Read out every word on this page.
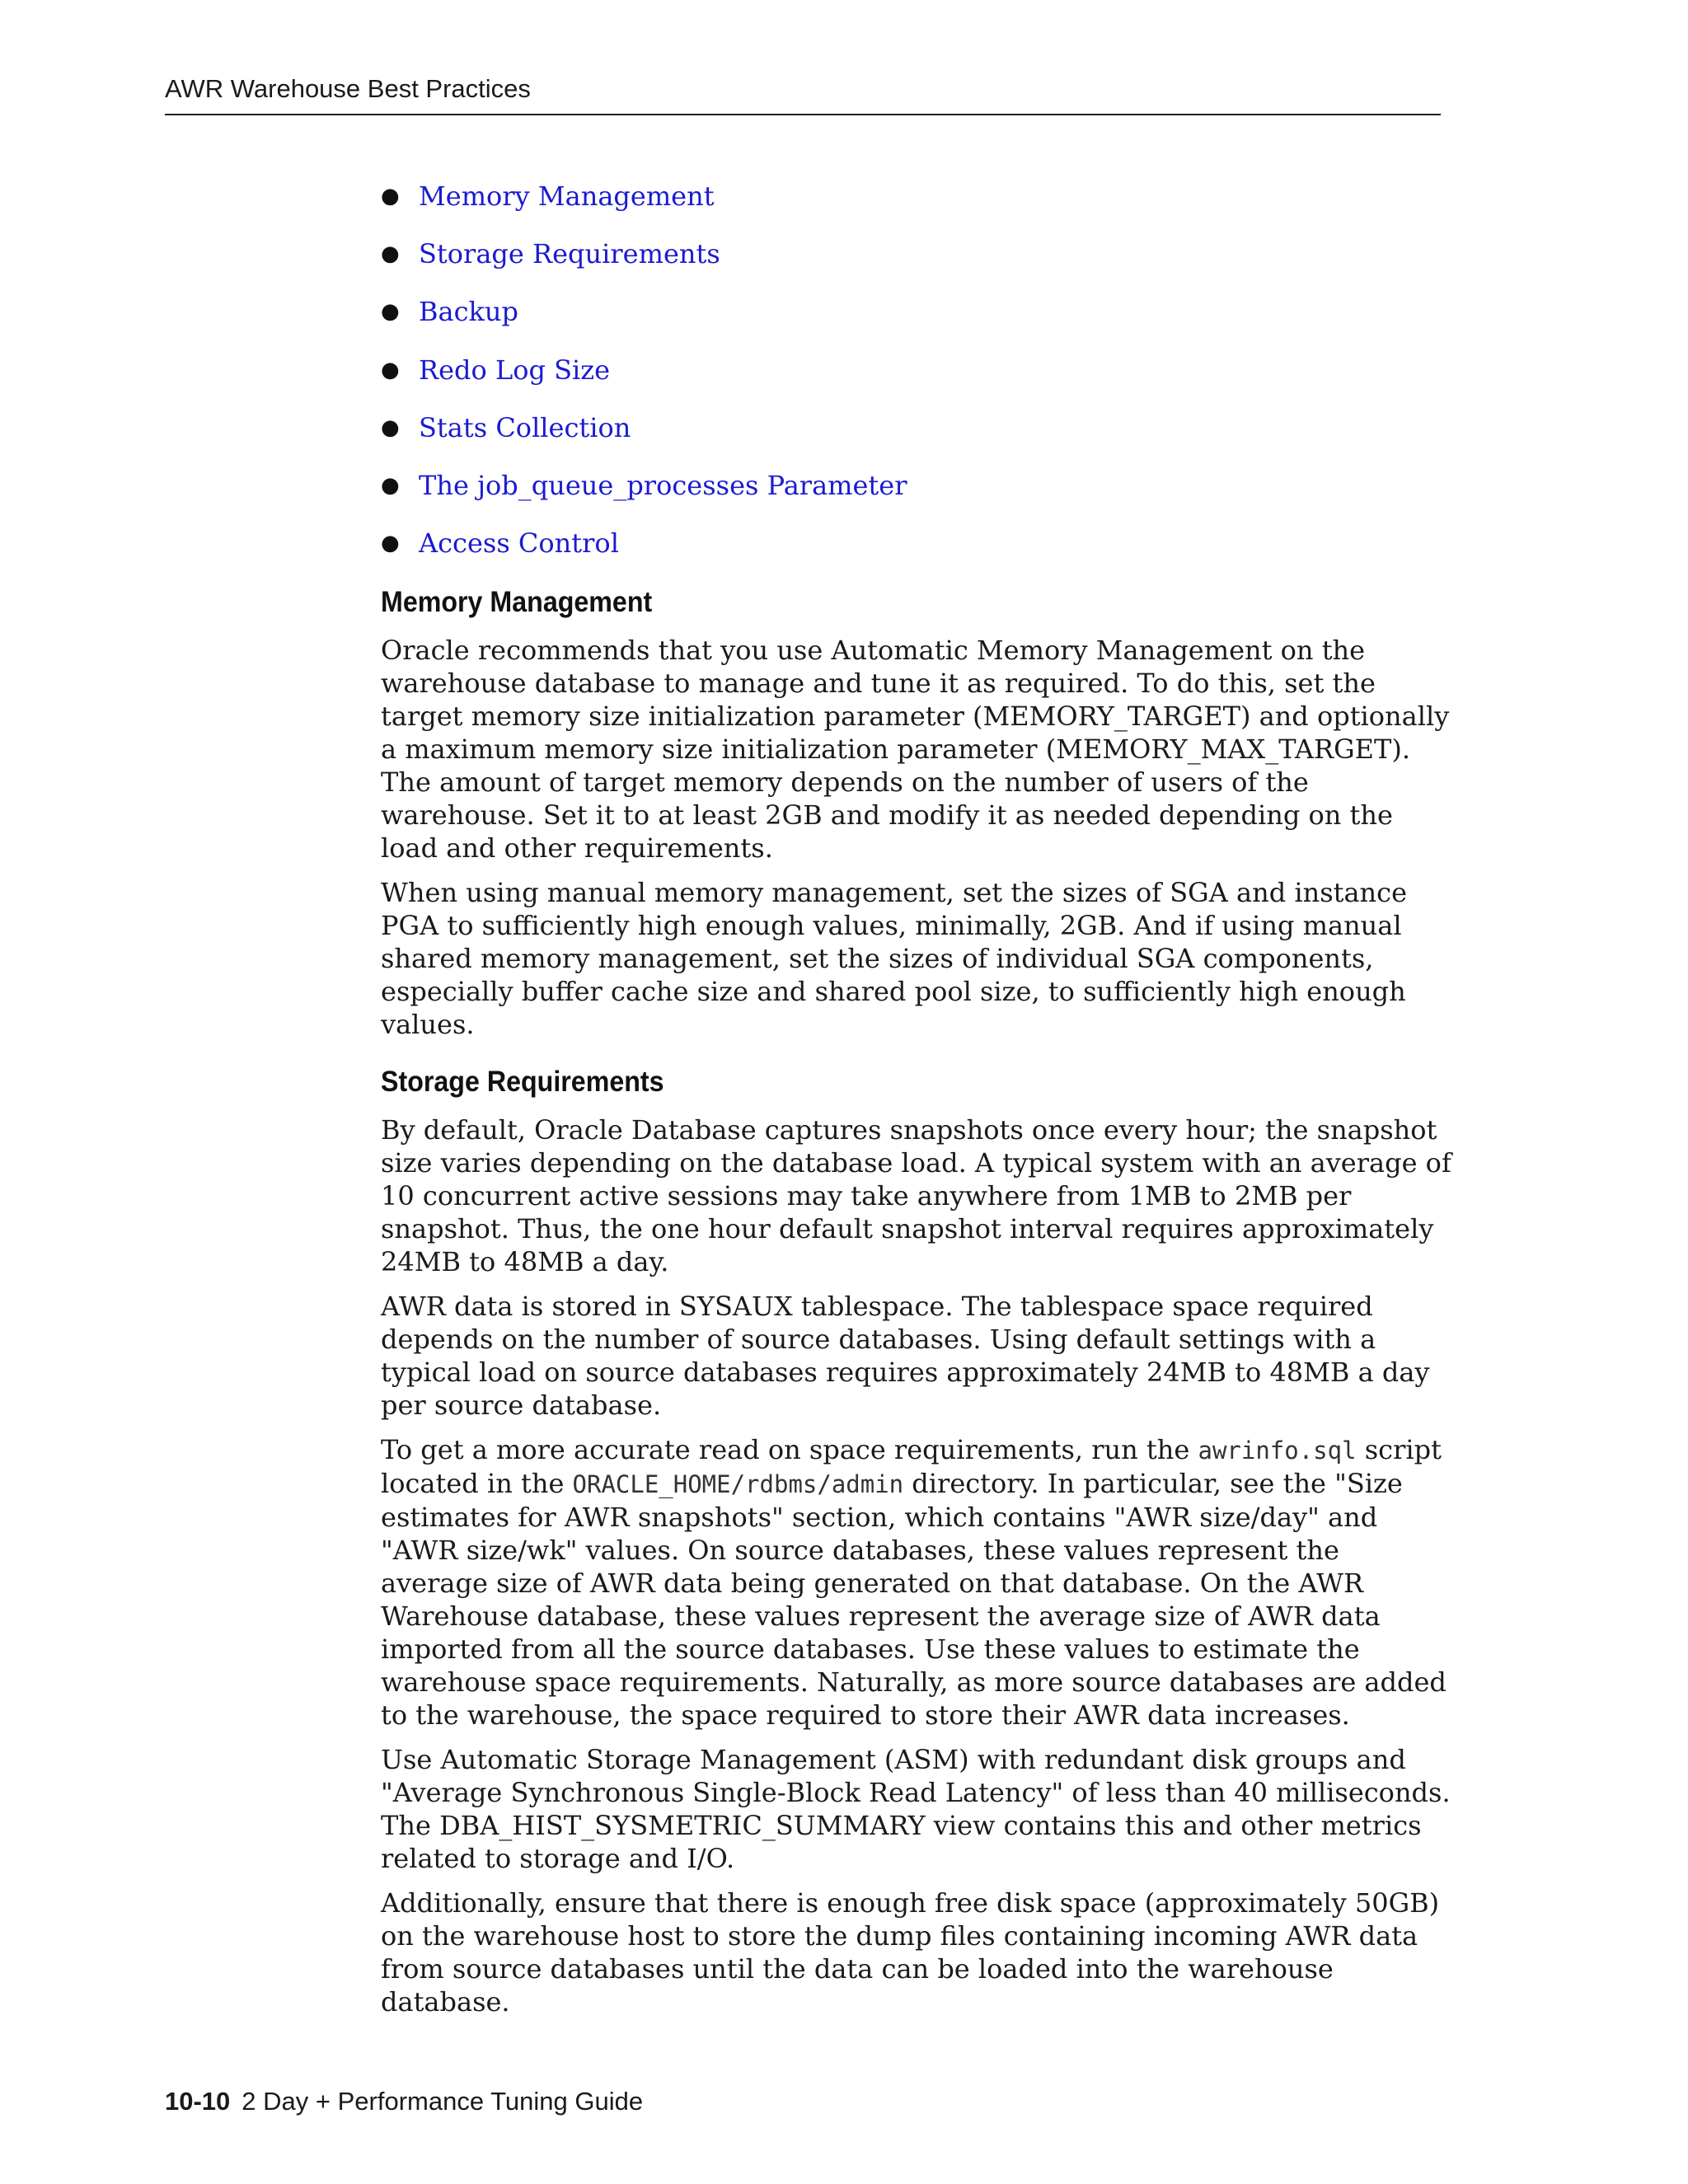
AWR Warehouse Best Practices
● Memory Management
● Storage Requirements
● Backup
● Redo Log Size
● Stats Collection
● The job_queue_processes Parameter
● Access Control
Memory Management

Oracle recommends that you use Automatic Memory Management on the warehouse database to manage and tune it as required. To do this, set the target memory size initialization parameter (MEMORY_TARGET) and optionally a maximum memory size initialization parameter (MEMORY_MAX_TARGET). The amount of target memory depends on the number of users of the warehouse. Set it to at least 2GB and modify it as needed depending on the load and other requirements.

When using manual memory management, set the sizes of SGA and instance PGA to sufficiently high enough values, minimally, 2GB. And if using manual shared memory management, set the sizes of individual SGA components, especially buffer cache size and shared pool size, to sufficiently high enough values.

Storage Requirements

By default, Oracle Database captures snapshots once every hour; the snapshot size varies depending on the database load. A typical system with an average of 10 concurrent active sessions may take anywhere from 1MB to 2MB per snapshot. Thus, the one hour default snapshot interval requires approximately 24MB to 48MB a day.

AWR data is stored in SYSAUX tablespace. The tablespace space required depends on the number of source databases. Using default settings with a typical load on source databases requires approximately 24MB to 48MB a day per source database.

To get a more accurate read on space requirements, run the awrinfo.sql script located in the ORACLE_HOME/rdbms/admin directory. In particular, see the "Size estimates for AWR snapshots" section, which contains "AWR size/day" and "AWR size/wk" values. On source databases, these values represent the average size of AWR data being generated on that database. On the AWR Warehouse database, these values represent the average size of AWR data imported from all the source databases. Use these values to estimate the warehouse space requirements. Naturally, as more source databases are added to the warehouse, the space required to store their AWR data increases.

Use Automatic Storage Management (ASM) with redundant disk groups and "Average Synchronous Single-Block Read Latency" of less than 40 milliseconds. The DBA_HIST_SYSMETRIC_SUMMARY view contains this and other metrics related to storage and I/O.

Additionally, ensure that there is enough free disk space (approximately 50GB) on the warehouse host to store the dump files containing incoming AWR data from source databases until the data can be loaded into the warehouse database.

10-10 2 Day + Performance Tuning Guide
